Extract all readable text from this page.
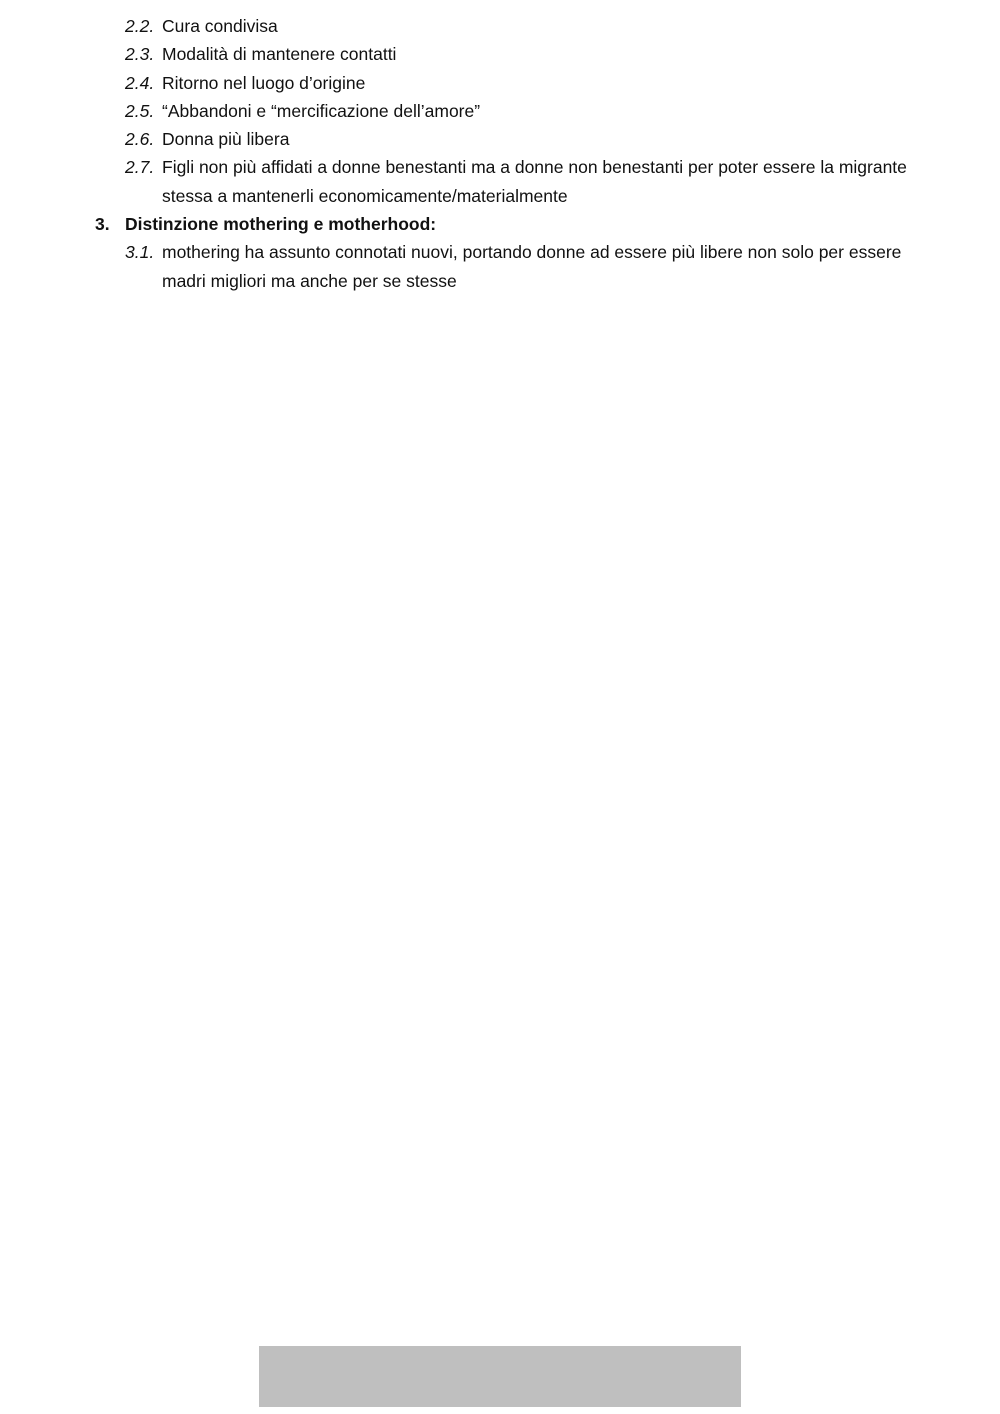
2.2. Cura condivisa
2.3. Modalità di mantenere contatti
2.4. Ritorno nel luogo d’origine
2.5. “Abbandoni e “mercificazione dell’amore”
2.6. Donna più libera
2.7. Figli non più affidati a donne benestanti ma a donne non benestanti per poter essere la migrante stessa a mantenerli economicamente/materialmente
3. Distinzione mothering e motherhood:
3.1. mothering ha assunto connotati nuovi, portando donne ad essere più libere non solo per essere madri migliori ma anche per se stesse
